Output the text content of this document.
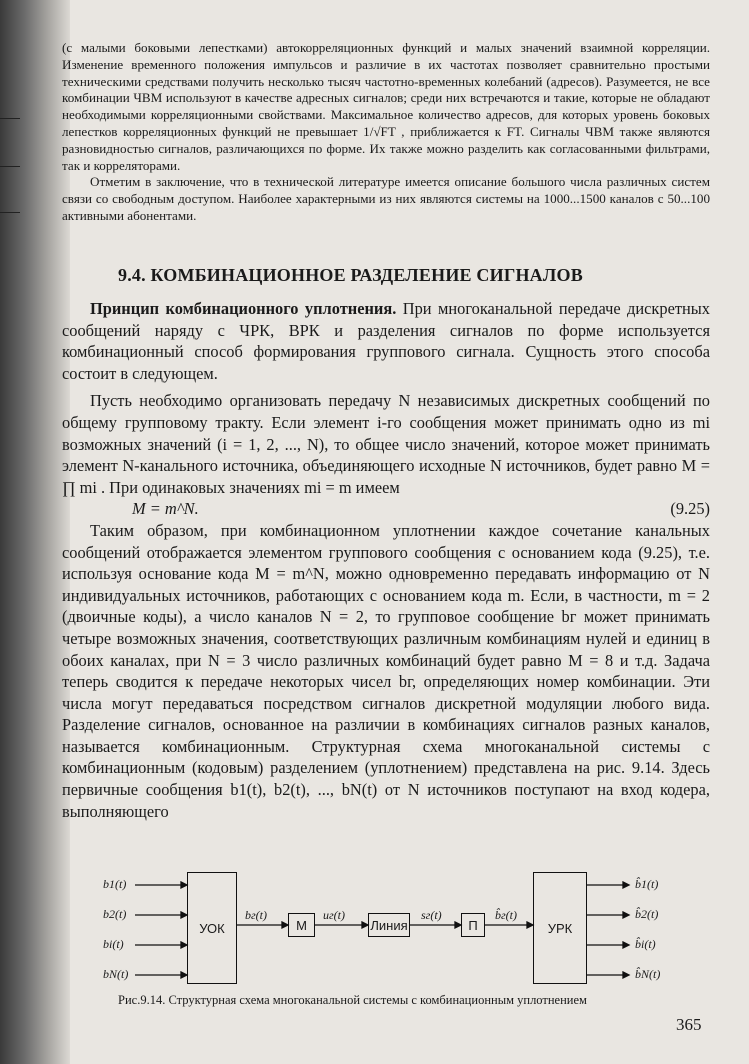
(с малыми боковыми лепестками) автокорреляционных функций и малых значений взаимной корреляции. Изменение временного положения импульсов и различие в их частотах позволяет сравнительно простыми техническими средствами получить несколько тысяч частотно-временных колебаний (адресов). Разумеется, не все комбинации ЧВМ используют в качестве адресных сигналов; среди них встречаются и такие, которые не обладают необходимыми корреляционными свойствами. Максимальное количество адресов, для которых уровень боковых лепестков корреляционных функций не превышает 1/√FT , приближается к FT. Сигналы ЧВМ также являются разновидностью сигналов, различающихся по форме. Их также можно разделить как согласованными фильтрами, так и корреляторами.

Отметим в заключение, что в технической литературе имеется описание большого числа различных систем связи со свободным доступом. Наиболее характерными из них являются системы на 1000...1500 каналов с 50...100 активными абонентами.

9.4. КОМБИНАЦИОННОЕ РАЗДЕЛЕНИЕ СИГНАЛОВ

Принцип комбинационного уплотнения. При многоканальной передаче дискретных сообщений наряду с ЧРК, ВРК и разделения сигналов по форме используется комбинационный способ формирования группового сигнала. Сущность этого способа состоит в следующем.

Пусть необходимо организовать передачу N независимых дискретных сообщений по общему групповому тракту. Если элемент i-го сообщения может принимать одно из mi возможных значений (i = 1, 2, ..., N), то общее число значений, которое может принимать элемент N-канального источника, объединяющего исходные N источников, будет равно M = ∏ mi . При одинаковых значениях mi = m имеем

M = m^N.	(9.25)

Таким образом, при комбинационном уплотнении каждое сочетание канальных сообщений отображается элементом группового сообщения с основанием кода (9.25), т.е. используя основание кода M = m^N, можно одновременно передавать информацию от N индивидуальных источников, работающих с основанием кода m. Если, в частности, m = 2 (двоичные коды), а число каналов N = 2, то групповое сообщение bг может принимать четыре возможных значения, соответствующих различным комбинациям нулей и единиц в обоих каналах, при N = 3 число различных комбинаций будет равно M = 8 и т.д. Задача теперь сводится к передаче некоторых чисел bг, определяющих номер комбинации. Эти числа могут передаваться посредством сигналов дискретной модуляции любого вида. Разделение сигналов, основанное на различии в комбинациях сигналов разных каналов, называется комбинационным. Структурная схема многоканальной системы с комбинационным (кодовым) разделением (уплотнением) представлена на рис. 9.14. Здесь первичные сообщения b1(t), b2(t), ..., bN(t) от N источников поступают на вход кодера, выполняющего

УОК	М	Линия	П	УРК
b1(t)
b2(t)
bi(t)
bN(t)
bг(t)	uг(t)	sг(t)	b̂г(t)
b̂1(t)
b̂2(t)
b̂i(t)
b̂N(t)
Рис.9.14. Структурная схема многоканальной системы с комбинационным уплотнением
365
